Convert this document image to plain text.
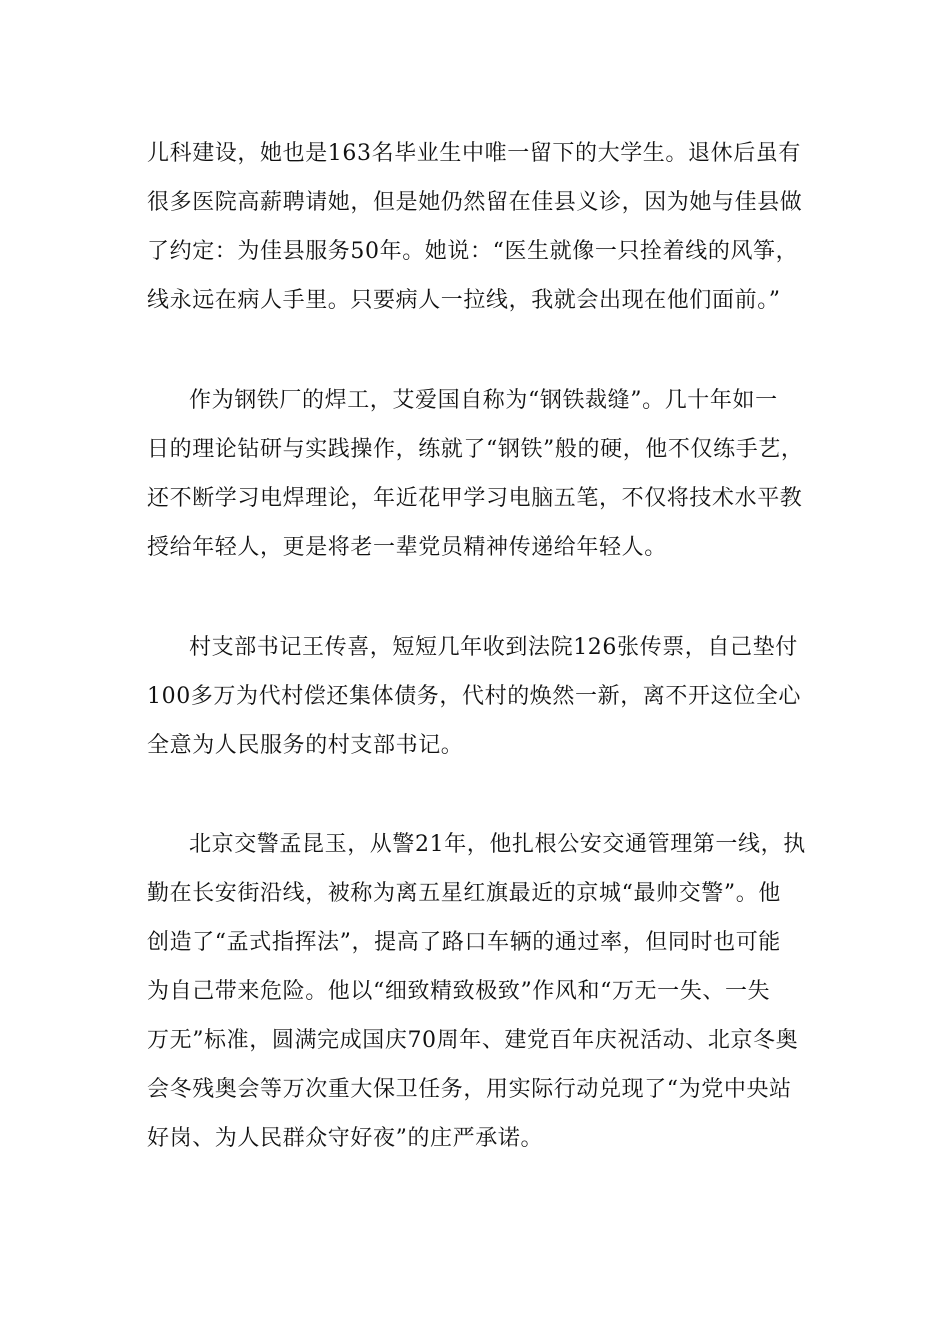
儿科建设，她也是163名毕业生中唯一留下的大学生。退休后虽有
很多医院高薪聘请她，但是她仍然留在佳县义诊，因为她与佳县做
了约定：为佳县服务50年。她说：“医生就像一只拴着线的风筝，
线永远在病人手里。只要病人一拉线，我就会出现在他们面前。”

作为钢铁厂的焊工，艾爱国自称为“钢铁裁缝”。几十年如一
日的理论钻研与实践操作，练就了“钢铁”般的硬，他不仅练手艺，
还不断学习电焊理论，年近花甲学习电脑五笔，不仅将技术水平教
授给年轻人，更是将老一辈党员精神传递给年轻人。

村支部书记王传喜，短短几年收到法院126张传票，自己垫付
100多万为代村偿还集体债务，代村的焕然一新，离不开这位全心
全意为人民服务的村支部书记。

北京交警孟昆玉，从警21年，他扎根公安交通管理第一线，执
勤在长安街沿线，被称为离五星红旗最近的京城“最帅交警”。他
创造了“孟式指挥法”，提高了路口车辆的通过率，但同时也可能
为自己带来危险。他以“细致精致极致”作风和“万无一失、一失
万无”标准，圆满完成国庆70周年、建党百年庆祝活动、北京冬奥
会冬残奥会等万次重大保卫任务，用实际行动兑现了“为党中央站
好岗、为人民群众守好夜”的庄严承诺。
